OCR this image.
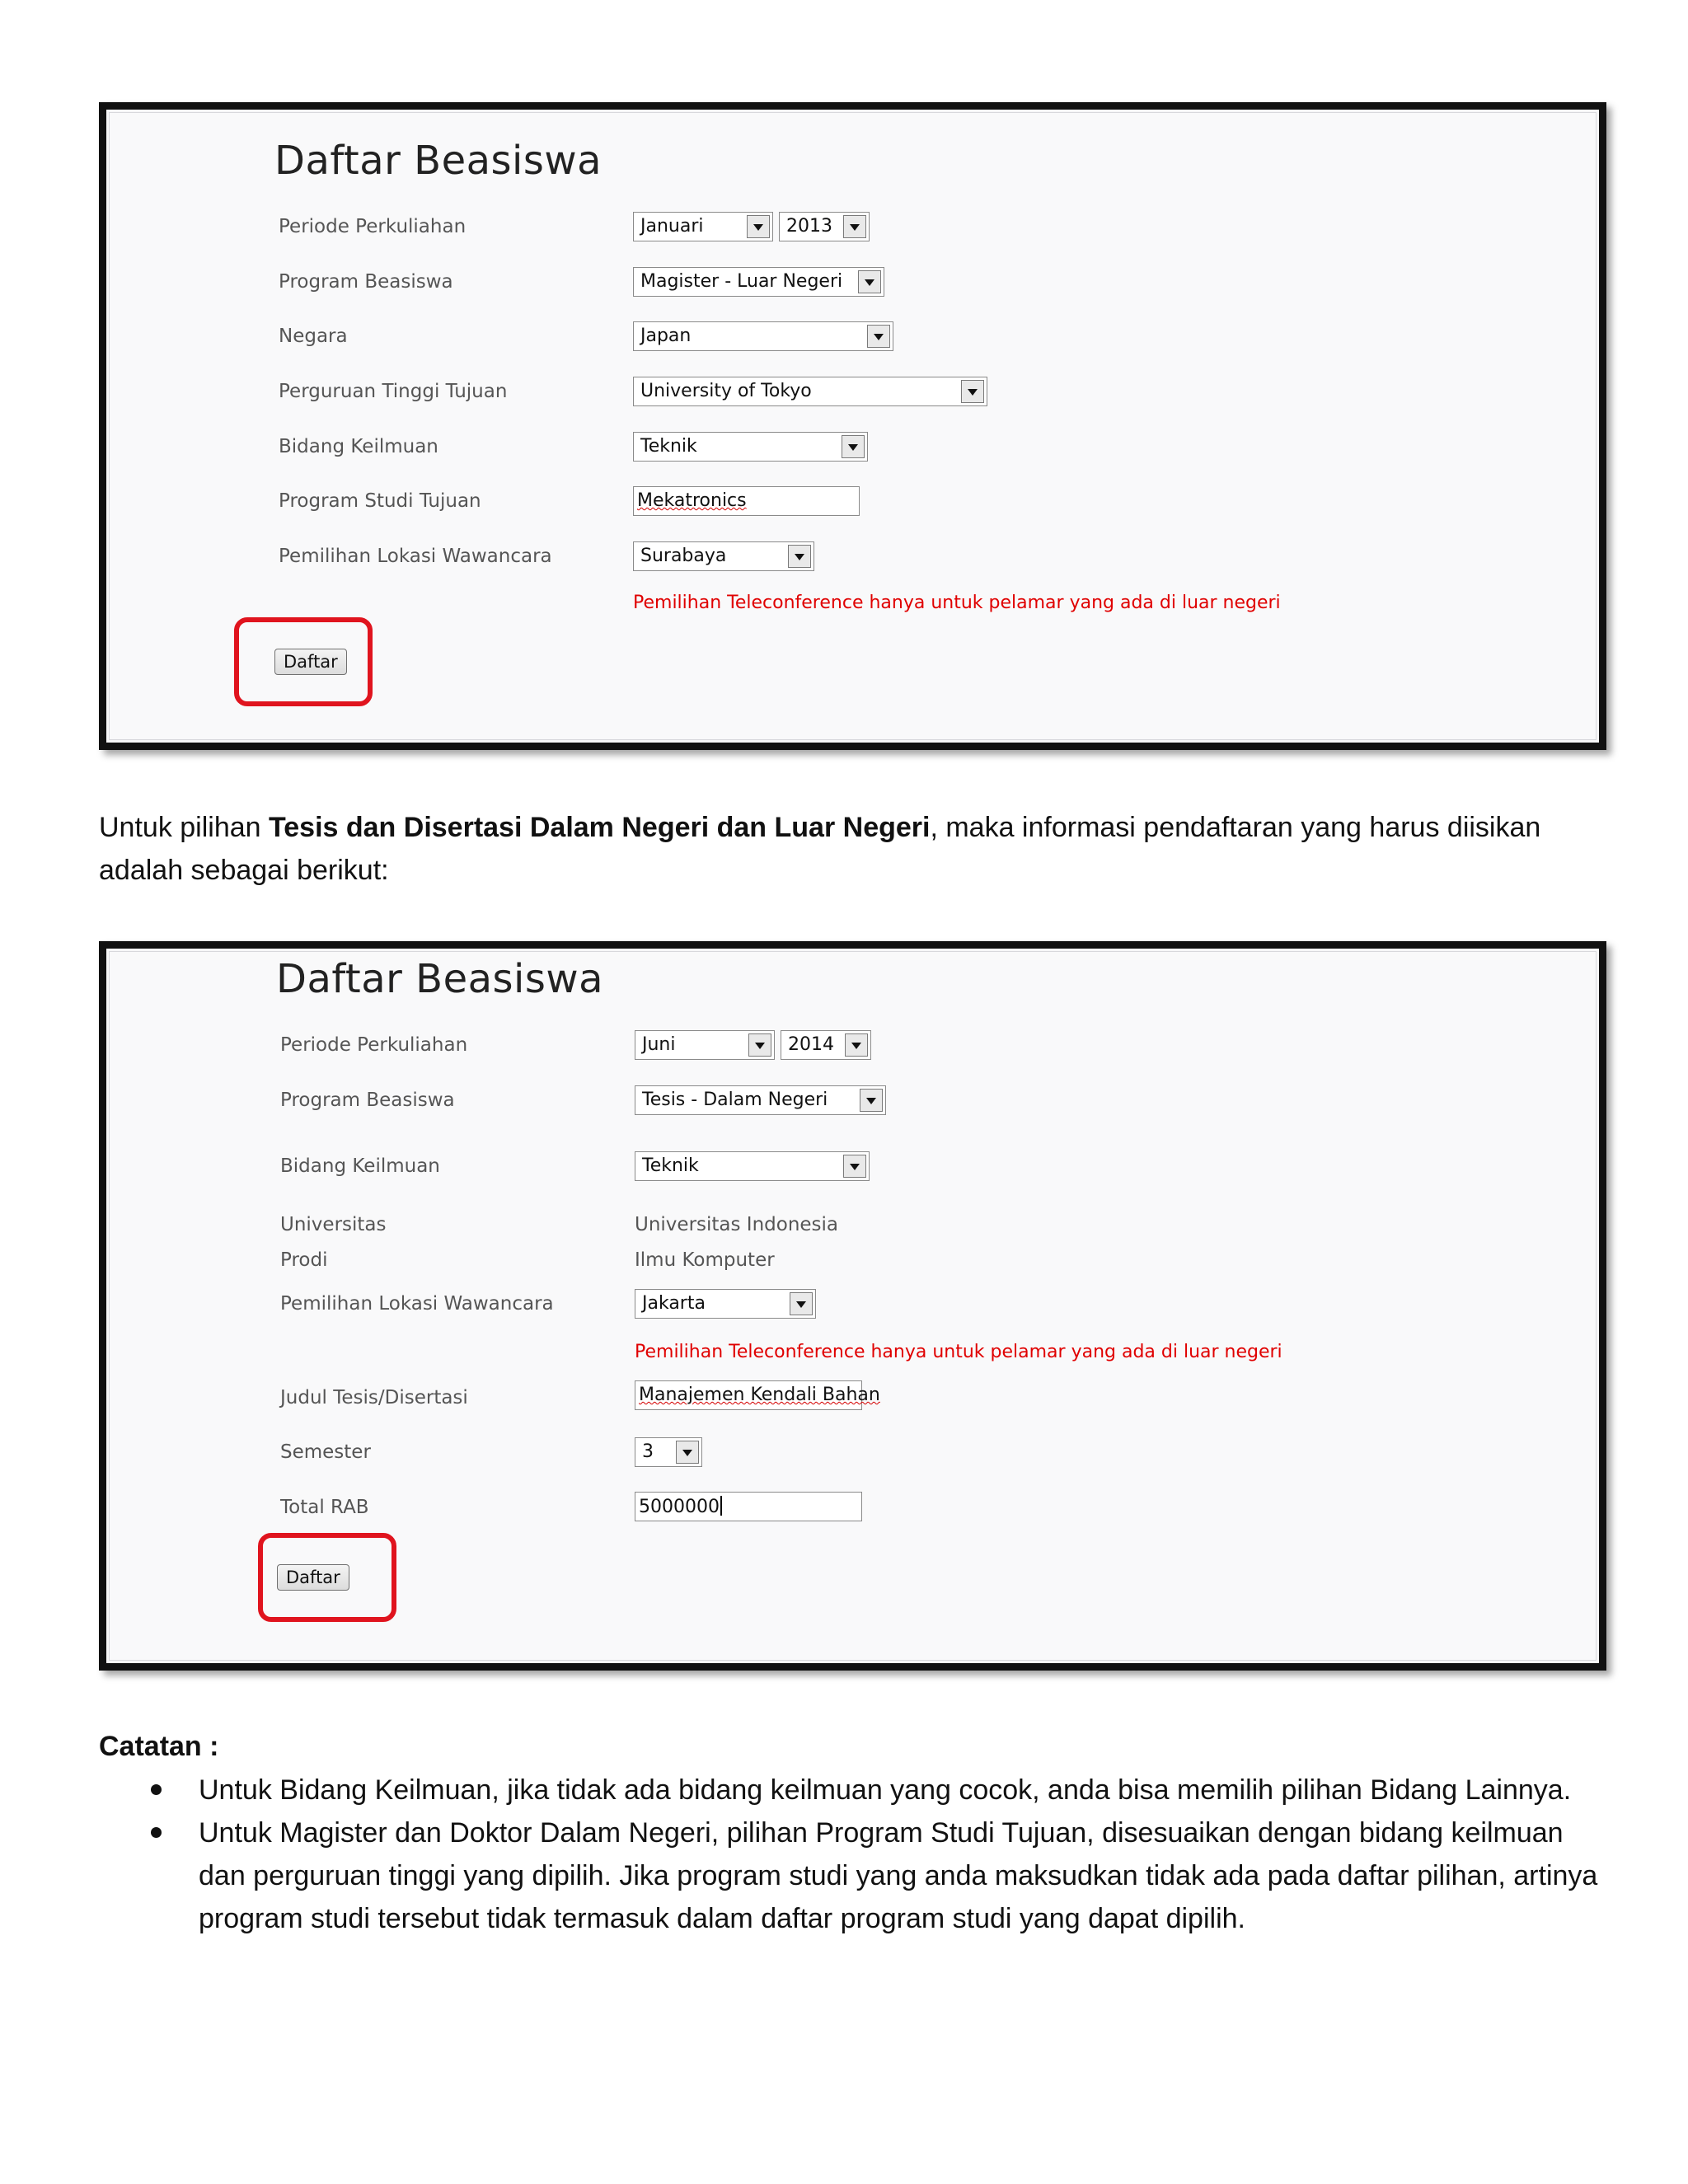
Daftar Beasiswa
Periode Perkuliahan	Januari	2013
Program Beasiswa	Magister - Luar Negeri
Negara	Japan
Perguruan Tinggi Tujuan	University of Tokyo
Bidang Keilmuan	Teknik
Program Studi Tujuan	Mekatronics
Pemilihan Lokasi Wawancara	Surabaya
Pemilihan Teleconference hanya untuk pelamar yang ada di luar negeri
Daftar
Untuk pilihan Tesis dan Disertasi Dalam Negeri dan Luar Negeri, maka informasi pendaftaran yang harus diisikan adalah sebagai berikut:
Daftar Beasiswa
Periode Perkuliahan	Juni	2014
Program Beasiswa	Tesis - Dalam Negeri
Bidang Keilmuan	Teknik
Universitas	Universitas Indonesia
Prodi	Ilmu Komputer
Pemilihan Lokasi Wawancara	Jakarta
Pemilihan Teleconference hanya untuk pelamar yang ada di luar negeri
Judul Tesis/Disertasi	Manajemen Kendali Bahan
Semester	3
Total RAB	5000000
Daftar
Catatan :
Untuk Bidang Keilmuan, jika tidak ada bidang keilmuan yang cocok, anda bisa memilih pilihan Bidang Lainnya.
Untuk Magister dan Doktor Dalam Negeri, pilihan Program Studi Tujuan, disesuaikan dengan bidang keilmuan dan perguruan tinggi yang dipilih. Jika program studi yang anda maksudkan tidak ada pada daftar pilihan, artinya program studi tersebut tidak termasuk dalam daftar program studi yang dapat dipilih.
